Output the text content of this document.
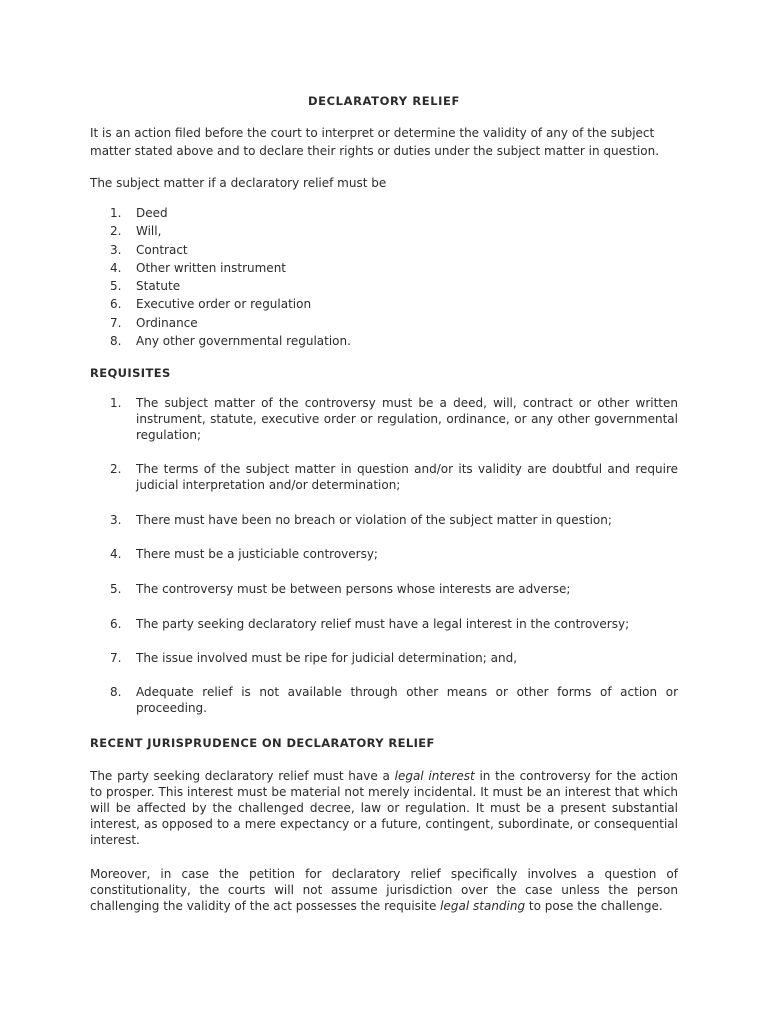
DECLARATORY RELIEF
It is an action filed before the court to interpret or determine the validity of any of the subject matter stated above and to declare their rights or duties under the subject matter in question.
The subject matter if a declaratory relief must be
1. Deed
2. Will,
3. Contract
4. Other written instrument
5. Statute
6. Executive order or regulation
7. Ordinance
8. Any other governmental regulation.
REQUISITES
1. The subject matter of the controversy must be a deed, will, contract or other written instrument, statute, executive order or regulation, ordinance, or any other governmental regulation;
2. The terms of the subject matter in question and/or its validity are doubtful and require judicial interpretation and/or determination;
3. There must have been no breach or violation of the subject matter in question;
4. There must be a justiciable controversy;
5. The controversy must be between persons whose interests are adverse;
6. The party seeking declaratory relief must have a legal interest in the controversy;
7. The issue involved must be ripe for judicial determination; and,
8. Adequate relief is not available through other means or other forms of action or proceeding.
RECENT JURISPRUDENCE ON DECLARATORY RELIEF
The party seeking declaratory relief must have a legal interest in the controversy for the action to prosper. This interest must be material not merely incidental. It must be an interest that which will be affected by the challenged decree, law or regulation. It must be a present substantial interest, as opposed to a mere expectancy or a future, contingent, subordinate, or consequential interest.
Moreover, in case the petition for declaratory relief specifically involves a question of constitutionality, the courts will not assume jurisdiction over the case unless the person challenging the validity of the act possesses the requisite legal standing to pose the challenge.
